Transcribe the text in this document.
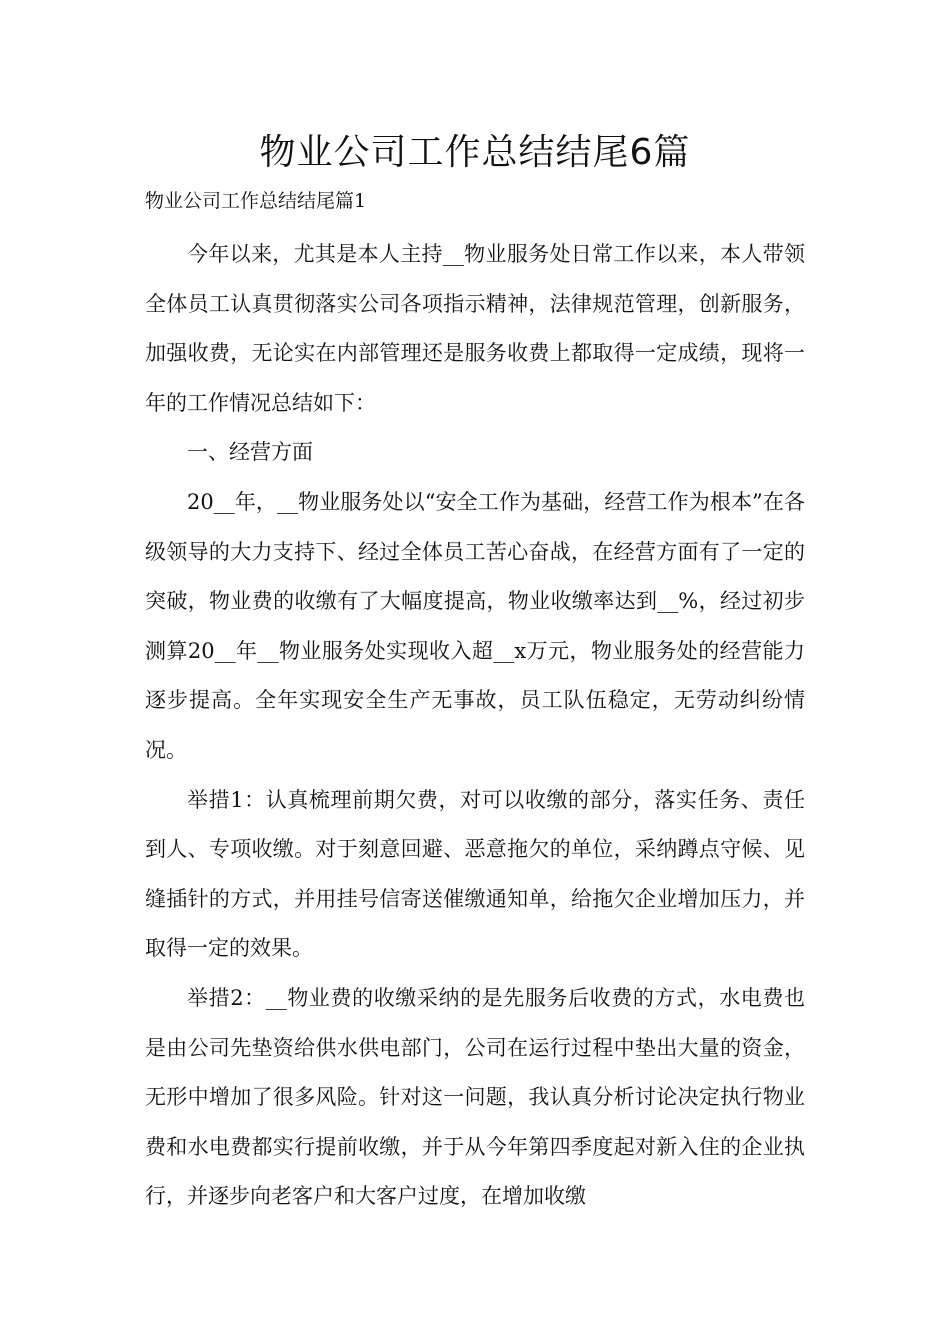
物业公司工作总结结尾6篇
物业公司工作总结结尾篇1

今年以来，尤其是本人主持__物业服务处日常工作以来，本人带领全体员工认真贯彻落实公司各项指示精神，法律规范管理，创新服务，加强收费，无论实在内部管理还是服务收费上都取得一定成绩，现将一年的工作情况总结如下：

一、经营方面

20__年，__物业服务处以“安全工作为基础，经营工作为根本”在各级领导的大力支持下、经过全体员工苦心奋战，在经营方面有了一定的突破，物业费的收缴有了大幅度提高，物业收缴率达到__%，经过初步测算20__年__物业服务处实现收入超__x万元，物业服务处的经营能力逐步提高。全年实现安全生产无事故，员工队伍稳定，无劳动纠纷情况。

举措1：认真梳理前期欠费，对可以收缴的部分，落实任务、责任到人、专项收缴。对于刻意回避、恶意拖欠的单位，采纳蹲点守候、见缝插针的方式，并用挂号信寄送催缴通知单，给拖欠企业增加压力，并取得一定的效果。

举措2：__物业费的收缴采纳的是先服务后收费的方式，水电费也是由公司先垫资给供水供电部门，公司在运行过程中垫出大量的资金，无形中增加了很多风险。针对这一问题，我认真分析讨论决定执行物业费和水电费都实行提前收缴，并于从今年第四季度起对新入住的企业执行，并逐步向老客户和大客户过度，在增加收缴
